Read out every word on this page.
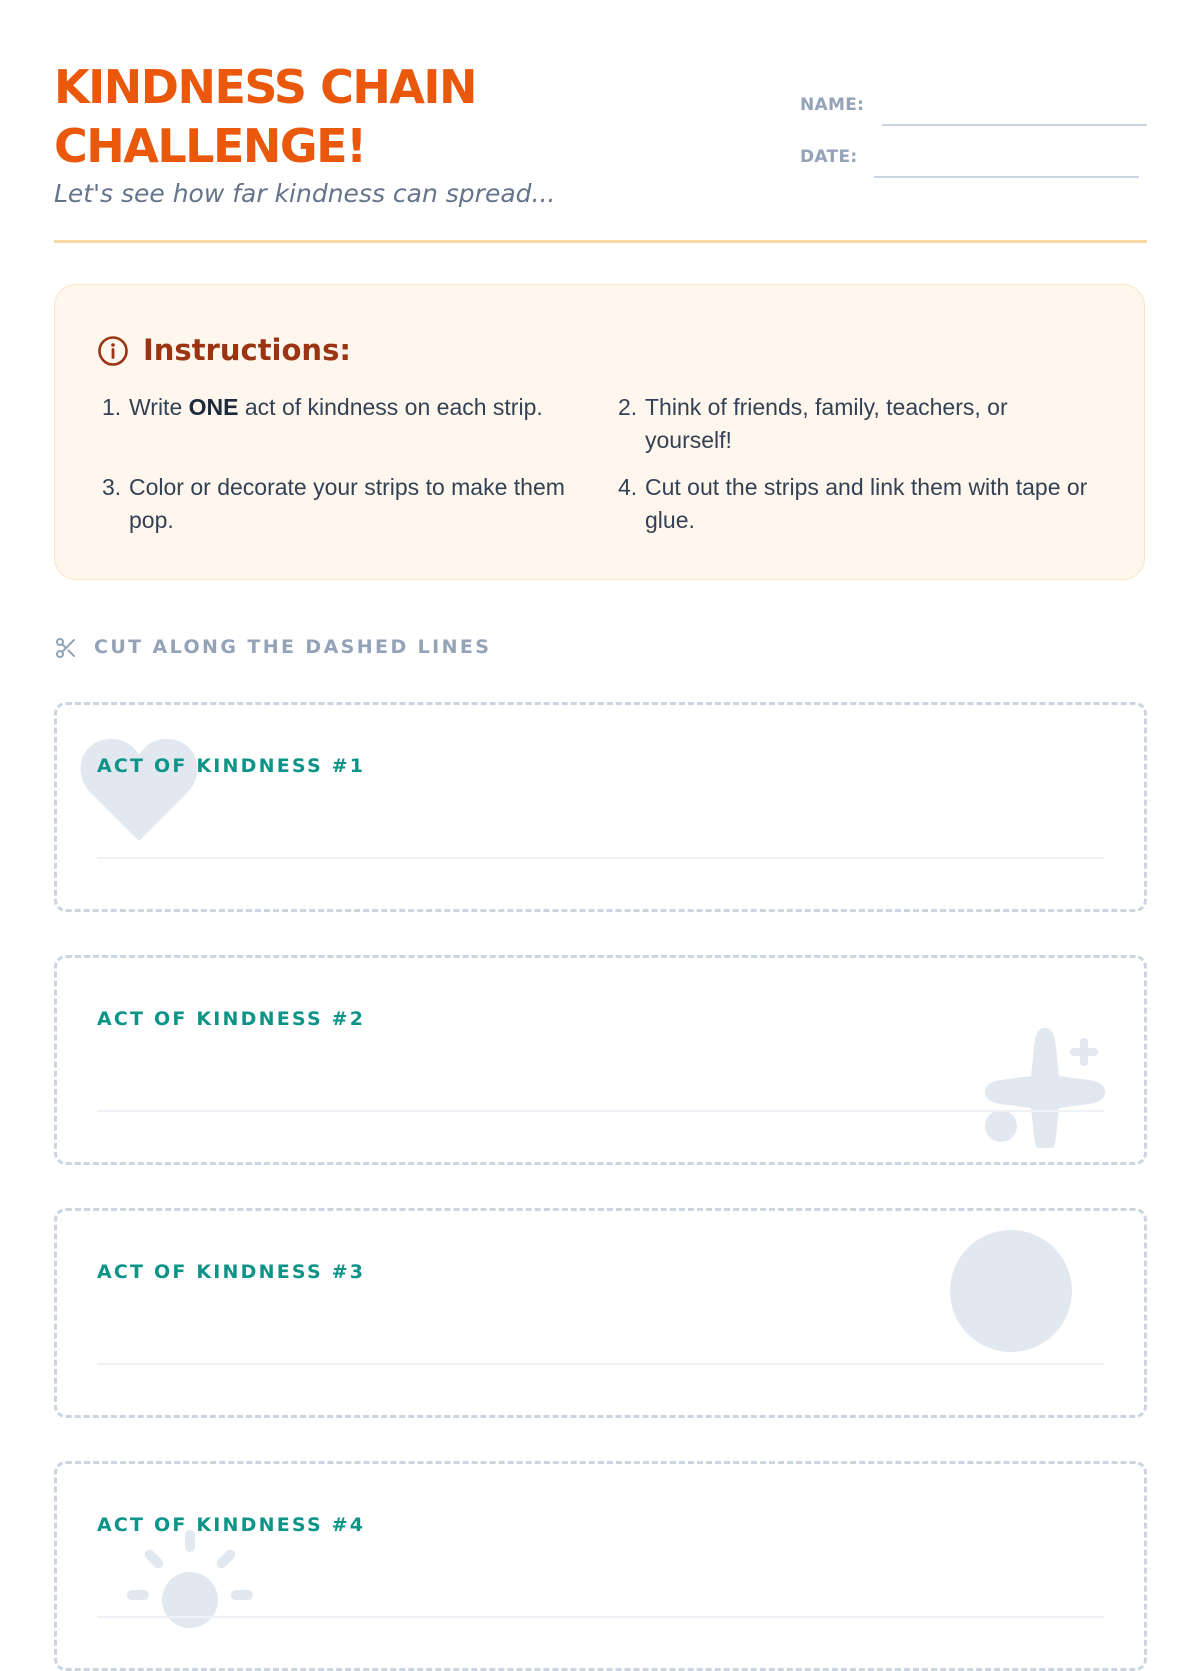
KINDNESS CHAIN
CHALLENGE!
Let's see how far kindness can spread...
NAME:
DATE:
Instructions:
1. Write ONE act of kindness on each strip.	2. Think of friends, family, teachers, or yourself!
3. Color or decorate your strips to make them pop.
4. Cut out the strips and link them with tape or glue.
CUT ALONG THE DASHED LINES
ACT OF KINDNESS #1
ACT OF KINDNESS #2
ACT OF KINDNESS #3
ACT OF KINDNESS #4
